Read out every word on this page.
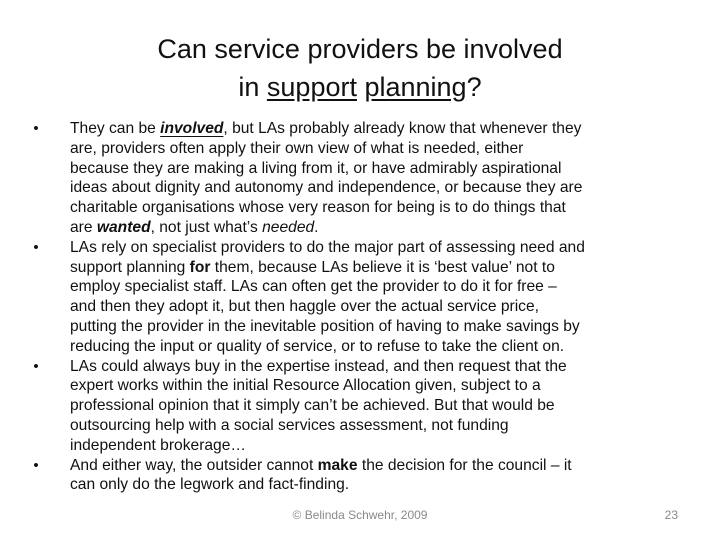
Can service providers be involved
in support planning?
• They can be involved, but LAs probably already know that whenever they
are, providers often apply their own view of what is needed, either
because they are making a living from it, or have admirably aspirational
ideas about dignity and autonomy and independence, or because they are
charitable organisations whose very reason for being is to do things that
are wanted, not just what’s needed.
• LAs rely on specialist providers to do the major part of assessing need and
support planning for them, because LAs believe it is ‘best value’ not to
employ specialist staff. LAs can often get the provider to do it for free –
and then they adopt it, but then haggle over the actual service price,
putting the provider in the inevitable position of having to make savings by
reducing the input or quality of service, or to refuse to take the client on.
• LAs could always buy in the expertise instead, and then request that the
expert works within the initial Resource Allocation given, subject to a
professional opinion that it simply can’t be achieved. But that would be
outsourcing help with a social services assessment, not funding
independent brokerage…
• And either way, the outsider cannot make the decision for the council – it
can only do the legwork and fact-finding.
© Belinda Schwehr, 2009	23
